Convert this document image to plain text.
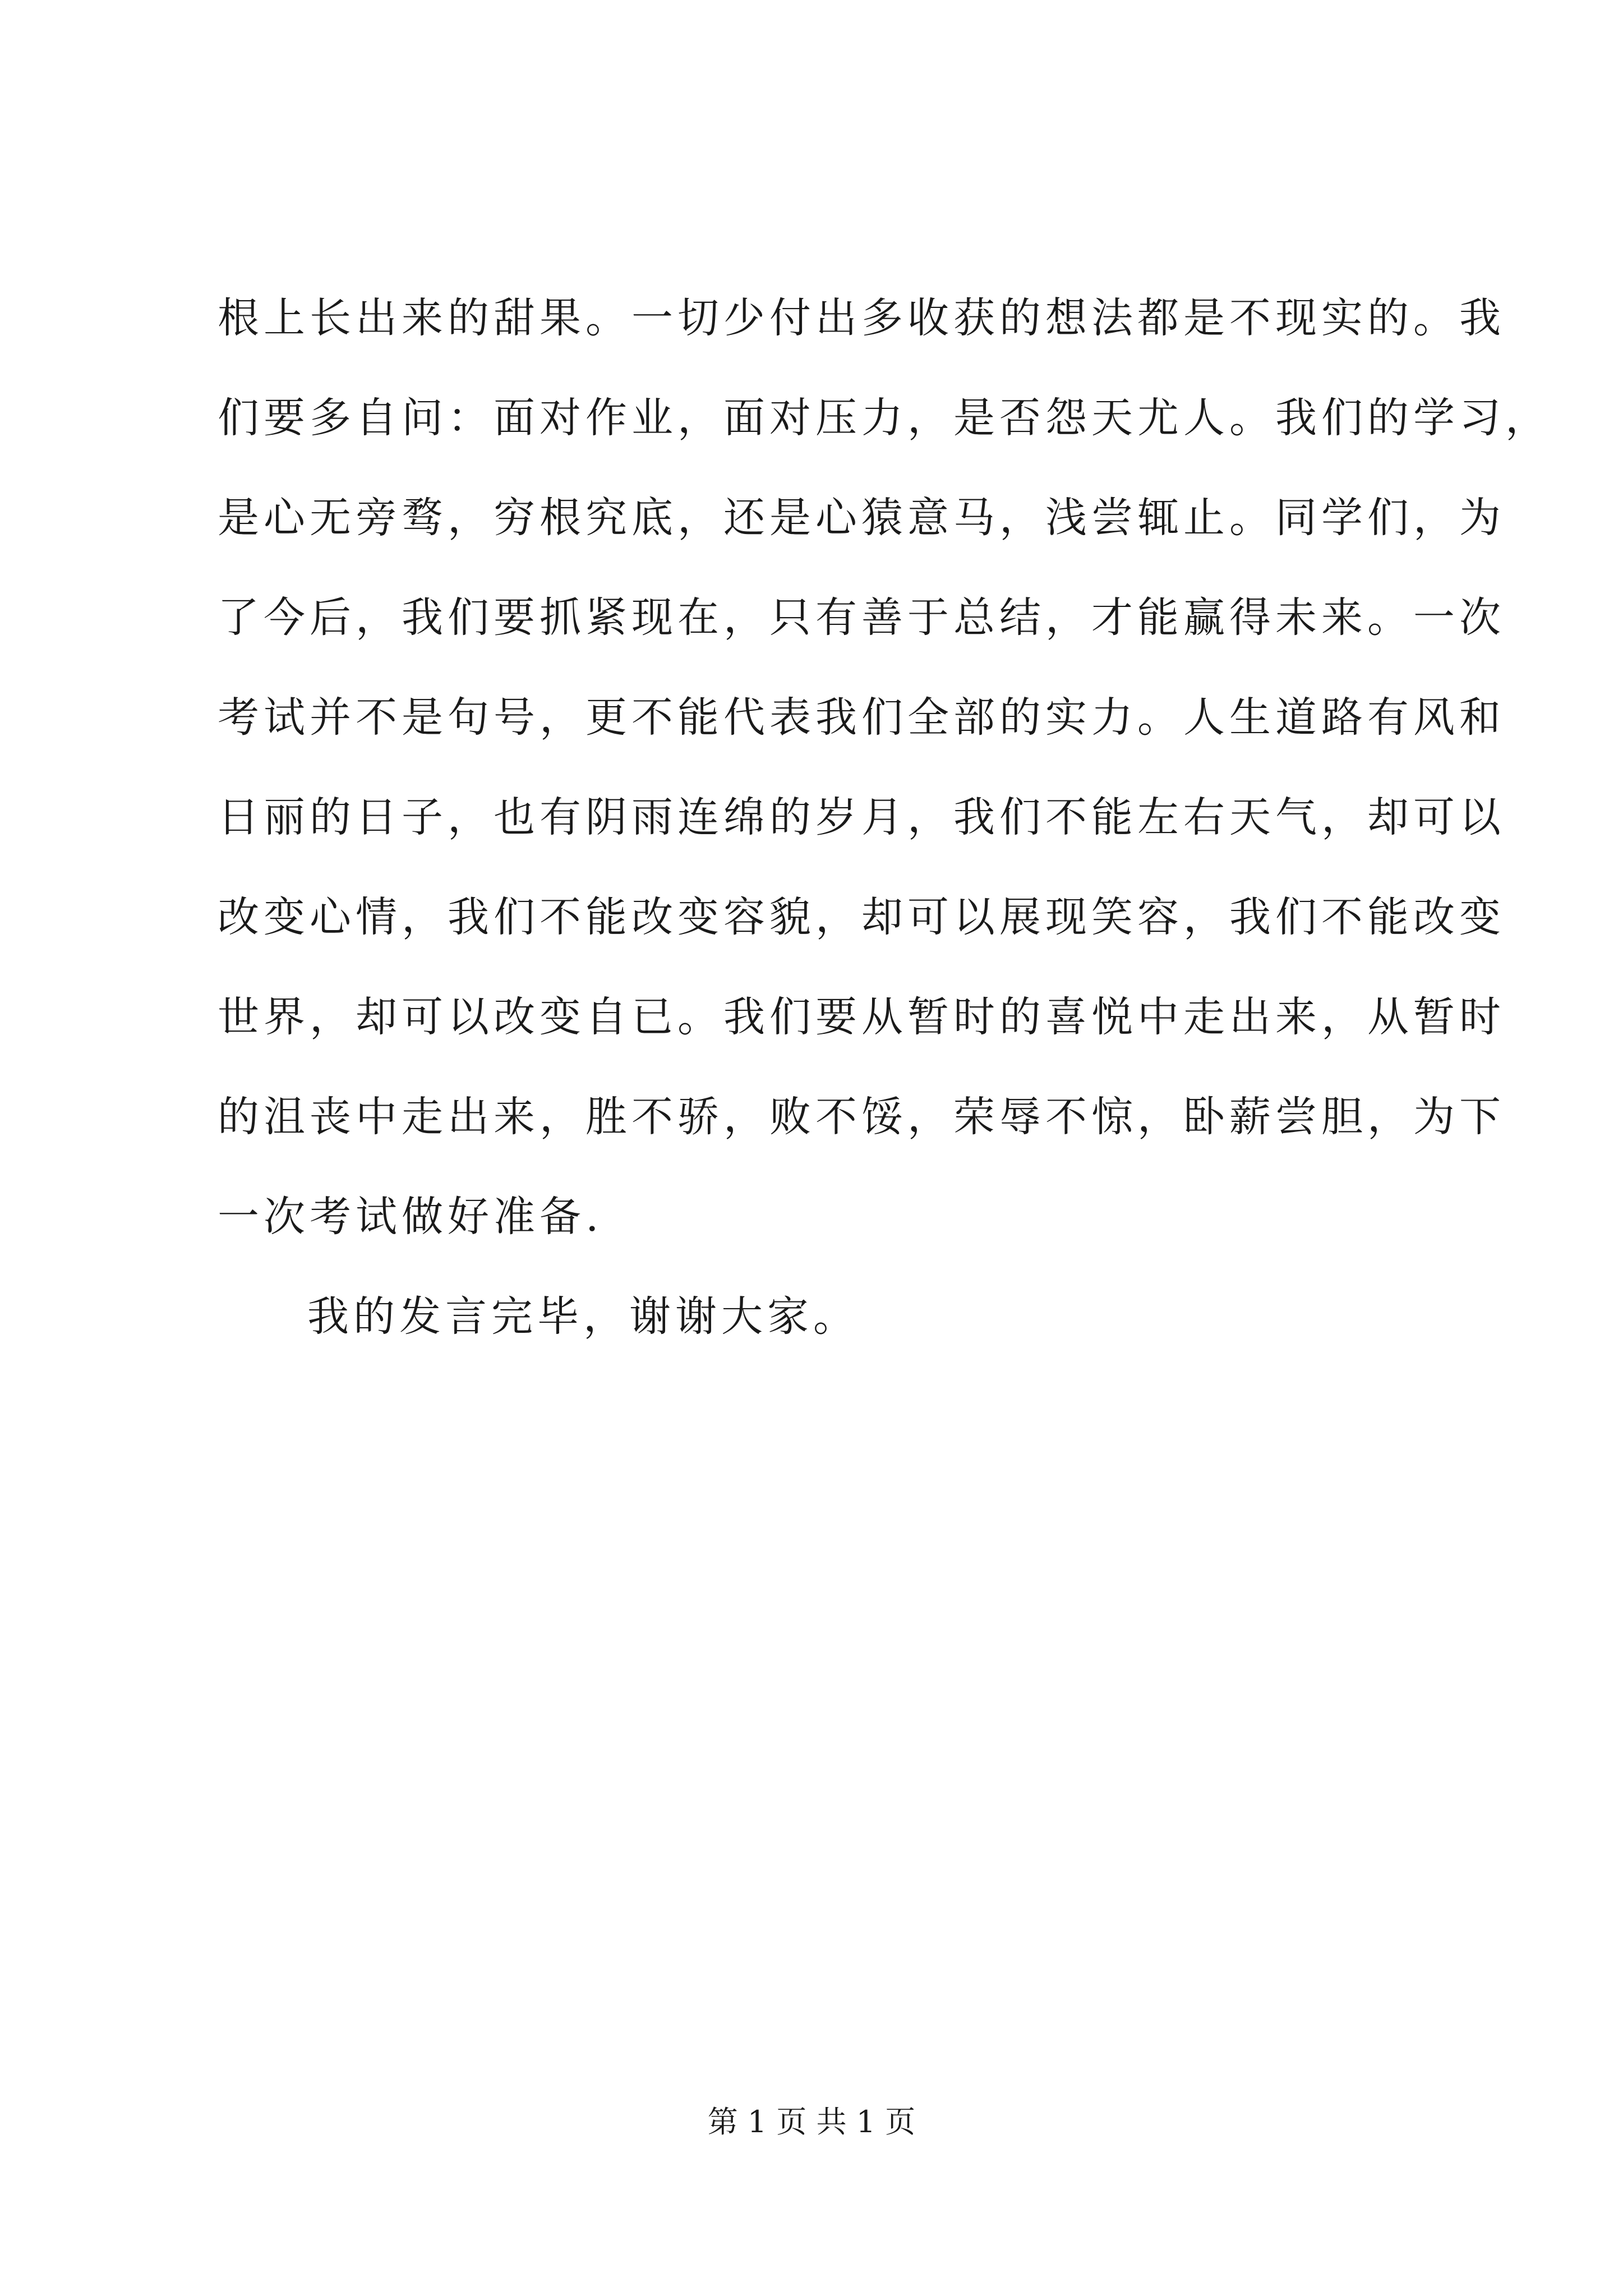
根上长出来的甜果。一切少付出多收获的想法都是不现实的。我
们要多自问：面对作业，面对压力，是否怨天尤人。我们的学习，
是心无旁骛，穷根究底，还是心猿意马，浅尝辄止。同学们，为
了今后，我们要抓紧现在，只有善于总结，才能赢得未来。一次
考试并不是句号，更不能代表我们全部的实力。人生道路有风和
日丽的日子，也有阴雨连绵的岁月，我们不能左右天气，却可以
改变心情，我们不能改变容貌，却可以展现笑容，我们不能改变
世界，却可以改变自已。我们要从暂时的喜悦中走出来，从暂时
的沮丧中走出来，胜不骄，败不馁，荣辱不惊，卧薪尝胆，为下
一次考试做好准备.
我的发言完毕，谢谢大家。
第 1 页 共 1 页
